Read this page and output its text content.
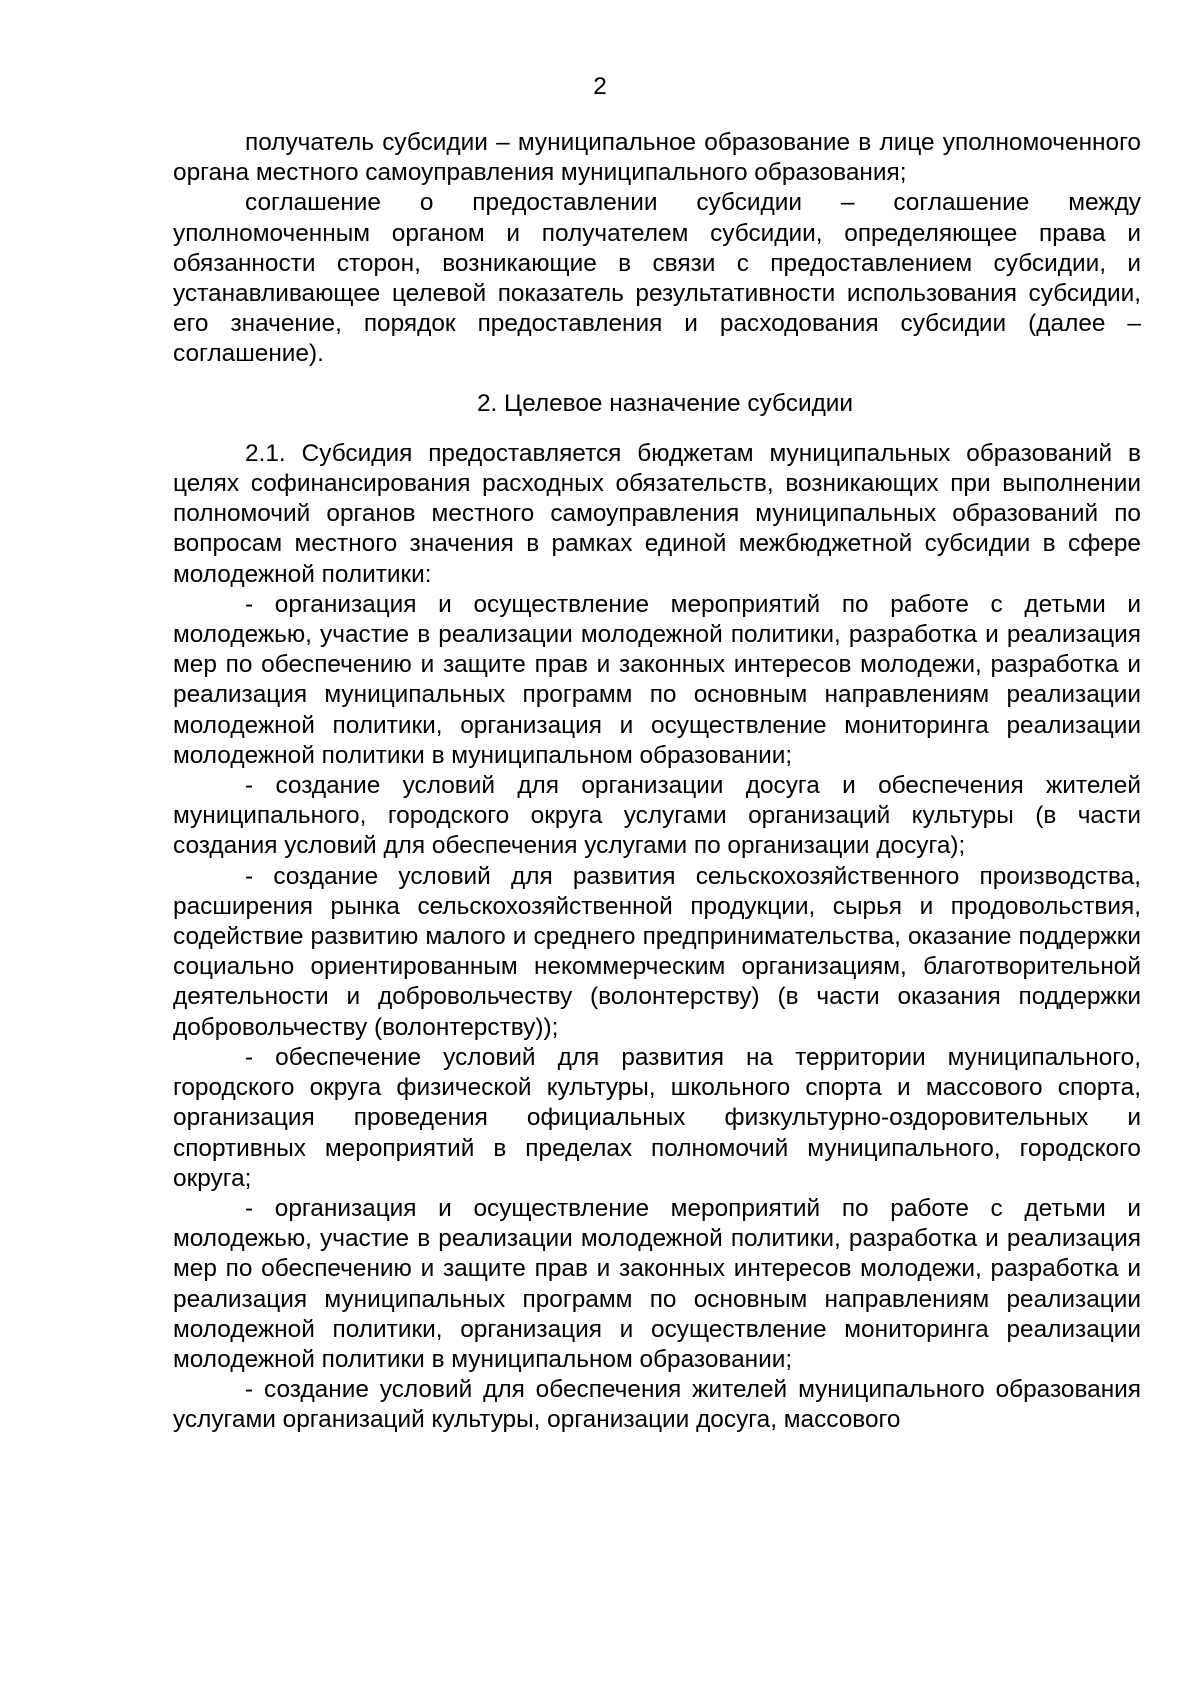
2

получатель субсидии – муниципальное образование в лице уполномоченного органа местного самоуправления муниципального образования;

соглашение о предоставлении субсидии – соглашение между уполномоченным органом и получателем субсидии, определяющее права и обязанности сторон, возникающие в связи с предоставлением субсидии, и устанавливающее целевой показатель результативности использования субсидии, его значение, порядок предоставления и расходования субсидии (далее – соглашение).

2. Целевое назначение субсидии

2.1. Субсидия предоставляется бюджетам муниципальных образований в целях софинансирования расходных обязательств, возникающих при выполнении полномочий органов местного самоуправления муниципальных образований по вопросам местного значения в рамках единой межбюджетной субсидии в сфере молодежной политики:

- организация и осуществление мероприятий по работе с детьми и молодежью, участие в реализации молодежной политики, разработка и реализация мер по обеспечению и защите прав и законных интересов молодежи, разработка и реализация муниципальных программ по основным направлениям реализации молодежной политики, организация и осуществление мониторинга реализации молодежной политики в муниципальном образовании;

- создание условий для организации досуга и обеспечения жителей муниципального, городского округа услугами организаций культуры (в части создания условий для обеспечения услугами по организации досуга);

- создание условий для развития сельскохозяйственного производства, расширения рынка сельскохозяйственной продукции, сырья и продовольствия, содействие развитию малого и среднего предпринимательства, оказание поддержки социально ориентированным некоммерческим организациям, благотворительной деятельности и добровольчеству (волонтерству) (в части оказания поддержки добровольчеству (волонтерству));

- обеспечение условий для развития на территории муниципального, городского округа физической культуры, школьного спорта и массового спорта, организация проведения официальных физкультурно-оздоровительных и спортивных мероприятий в пределах полномочий муниципального, городского округа;

- организация и осуществление мероприятий по работе с детьми и молодежью, участие в реализации молодежной политики, разработка и реализация мер по обеспечению и защите прав и законных интересов молодежи, разработка и реализация муниципальных программ по основным направлениям реализации молодежной политики, организация и осуществление мониторинга реализации молодежной политики в муниципальном образовании;

- создание условий для обеспечения жителей муниципального образования услугами организаций культуры, организации досуга, массового
